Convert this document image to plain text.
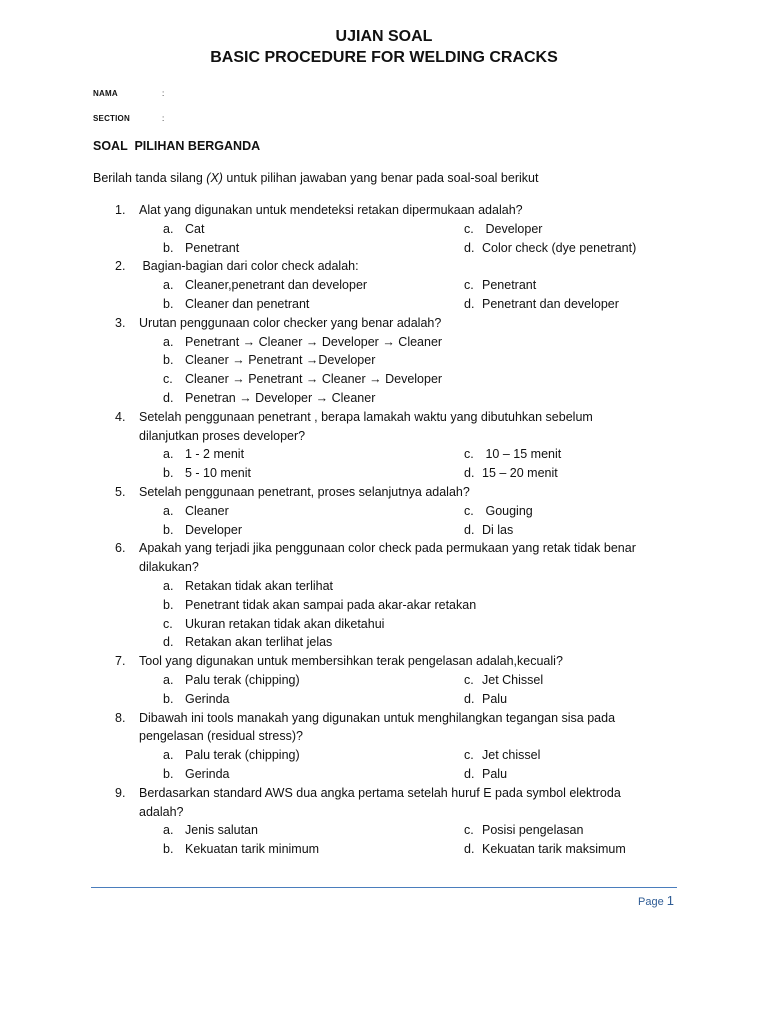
UJIAN SOAL
BASIC PROCEDURE FOR WELDING CRACKS
NAMA	:
SECTION	:
SOAL  PILIHAN BERGANDA
Berilah tanda silang (X) untuk pilihan jawaban yang benar pada soal-soal berikut
1. Alat yang digunakan untuk mendeteksi retakan dipermukaan adalah?
a. Cat	c. Developer
b. Penetrant	d. Color check (dye penetrant)
2. Bagian-bagian dari color check adalah:
a. Cleaner,penetrant dan developer	c. Penetrant
b. Cleaner dan penetrant	d. Penetrant dan developer
3. Urutan penggunaan color checker yang benar adalah?
a. Penetrant → Cleaner → Developer → Cleaner
b. Cleaner → Penetrant →Developer
c. Cleaner → Penetrant → Cleaner → Developer
d. Penetran → Developer → Cleaner
4. Setelah penggunaan penetrant , berapa lamakah waktu yang dibutuhkan sebelum dilanjutkan proses developer?
a. 1 - 2 menit	c. 10 – 15 menit
b. 5 - 10 menit	d. 15 – 20 menit
5. Setelah penggunaan penetrant, proses selanjutnya adalah?
a. Cleaner	c. Gouging
b. Developer	d. Di las
6. Apakah yang terjadi jika penggunaan color check pada permukaan yang retak tidak benar dilakukan?
a. Retakan tidak akan terlihat
b. Penetrant tidak akan sampai pada akar-akar retakan
c. Ukuran retakan tidak akan diketahui
d. Retakan akan terlihat jelas
7. Tool yang digunakan untuk membersihkan terak pengelasan adalah,kecuali?
a. Palu terak (chipping)	c. Jet Chissel
b. Gerinda	d. Palu
8. Dibawah ini tools manakah yang digunakan untuk menghilangkan tegangan sisa pada pengelasan (residual stress)?
a. Palu terak (chipping)	c. Jet chissel
b. Gerinda	d. Palu
9. Berdasarkan standard AWS dua angka pertama setelah huruf E pada symbol elektroda adalah?
a. Jenis salutan	c. Posisi pengelasan
b. Kekuatan tarik minimum	d. Kekuatan tarik maksimum
Page 1
